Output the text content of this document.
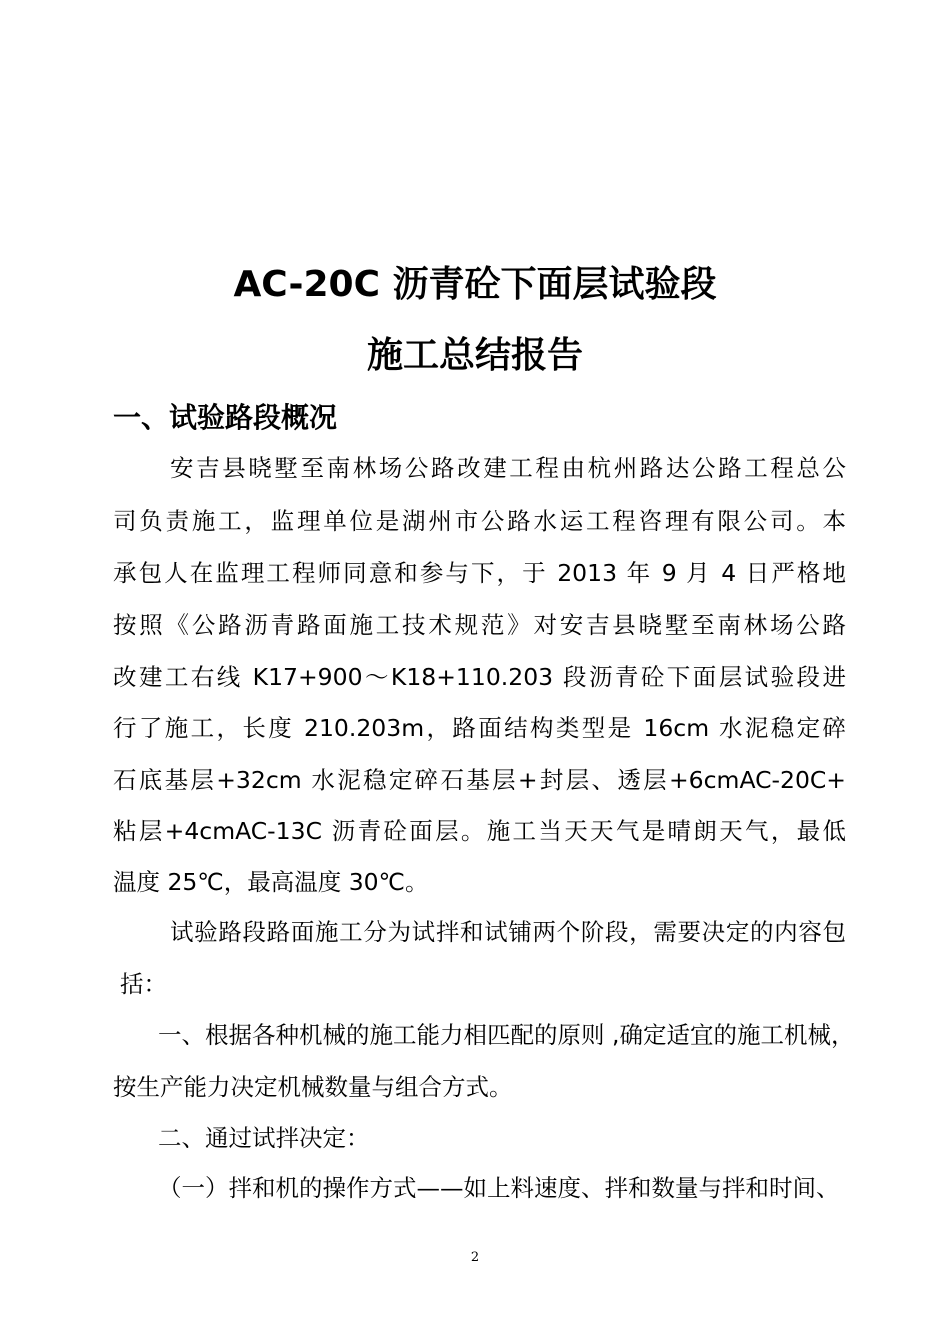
AC-20C 沥青砼下面层试验段
施工总结报告
一、试验路段概况

安吉县晓墅至南林场公路改建工程由杭州路达公路工程总公

司负责施工，监理单位是湖州市公路水运工程咨理有限公司。本

承包人在监理工程师同意和参与下，于 2013 年 9 月 4 日严格地

按照《公路沥青路面施工技术规范》对安吉县晓墅至南林场公路

改建工右线 K17+900～K18+110.203 段沥青砼下面层试验段进

行了施工，长度 210.203m，路面结构类型是 16cm 水泥稳定碎

石底基层+32cm 水泥稳定碎石基层+封层、透层+6cmAC-20C+

粘层+4cmAC-13C 沥青砼面层。施工当天天气是晴朗天气，最低

温度 25℃，最高温度 30℃。

试验路段路面施工分为试拌和试铺两个阶段，需要决定的内容包

括：

一、根据各种机械的施工能力相匹配的原则 ,确定适宜的施工机械，

按生产能力决定机械数量与组合方式。

二、通过试拌决定：

（一）拌和机的操作方式——如上料速度、拌和数量与拌和时间、

2
